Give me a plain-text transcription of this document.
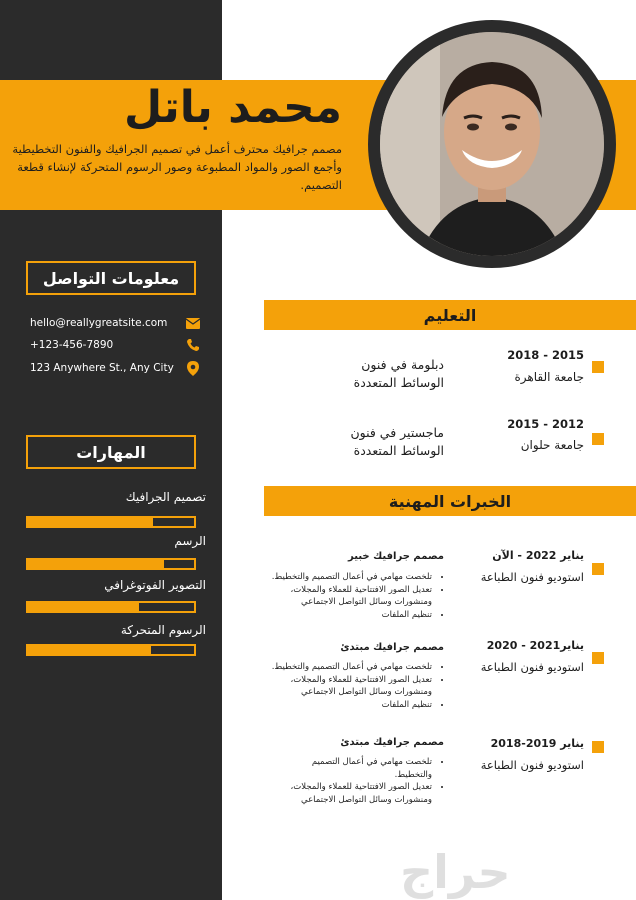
محمد باتل
مصمم جرافيك محترف أعمل في تصميم الجرافيك والفنون التخطيطية وأجمع الصور والمواد المطبوعة وصور الرسوم المتحركة لإنشاء قطعة التصميم.
معلومات التواصل
hello@reallygreatsite.com
+123-456-7890
123 Anywhere St., Any City
المهارات
تصميم الجرافيك
الرسم
التصوير الفوتوغرافي
الرسوم المتحركة
التعليم
2015 - 2018
جامعة القاهرة
دبلومة في فنون
الوسائط المتعددة
2012 - 2015
جامعة حلوان
ماجستير في فنون
الوسائط المتعددة
الخبرات المهنية
يناير 2022 - الآن
استوديو فنون الطباعة
مصمم جرافيك خبير
• تلخصت مهامي في أعمال التصميم والتخطيط.
• تعديل الصور الافتتاحية للعملاء والمجلات،
ومنشورات وسائل التواصل الاجتماعي
• تنظيم الملفات
يناير2021 - 2020
استوديو فنون الطباعة
مصمم جرافيك مبتدئ
• تلخصت مهامي في أعمال التصميم والتخطيط.
• تعديل الصور الافتتاحية للعملاء والمجلات،
ومنشورات وسائل التواصل الاجتماعي
• تنظيم الملفات
يناير 2019-2018
استوديو فنون الطباعة
مصمم جرافيك مبتدئ
• تلخصت مهامي في أعمال التصميم
والتخطيط.
• تعديل الصور الافتتاحية للعملاء والمجلات،
ومنشورات وسائل التواصل الاجتماعي
حراج
